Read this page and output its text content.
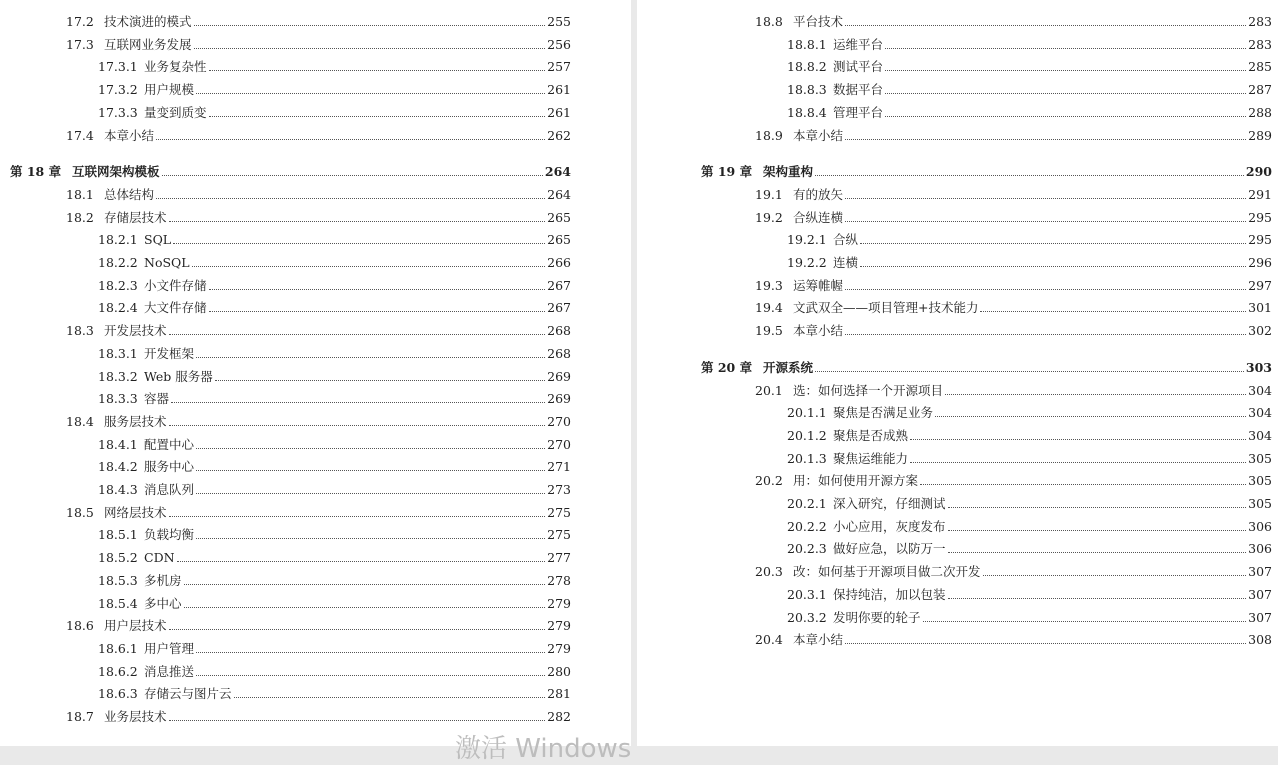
17.2 技术演进的模式	255
17.3 互联网业务发展	256
17.3.1 业务复杂性	257
17.3.2 用户规模	261
17.3.3 量变到质变	261
17.4 本章小结	262
第 18 章 互联网架构模板	264
18.1 总体结构	264
18.2 存储层技术	265
18.2.1 SQL	265
18.2.2 NoSQL	266
18.2.3 小文件存储	267
18.2.4 大文件存储	267
18.3 开发层技术	268
18.3.1 开发框架	268
18.3.2 Web 服务器	269
18.3.3 容器	269
18.4 服务层技术	270
18.4.1 配置中心	270
18.4.2 服务中心	271
18.4.3 消息队列	273
18.5 网络层技术	275
18.5.1 负载均衡	275
18.5.2 CDN	277
18.5.3 多机房	278
18.5.4 多中心	279
18.6 用户层技术	279
18.6.1 用户管理	279
18.6.2 消息推送	280
18.6.3 存储云与图片云	281
18.7 业务层技术	282
18.8 平台技术	283
18.8.1 运维平台	283
18.8.2 测试平台	285
18.8.3 数据平台	287
18.8.4 管理平台	288
18.9 本章小结	289
第 19 章 架构重构	290
19.1 有的放矢	291
19.2 合纵连横	295
19.2.1 合纵	295
19.2.2 连横	296
19.3 运筹帷幄	297
19.4 文武双全——项目管理+技术能力	301
19.5 本章小结	302
第 20 章 开源系统	303
20.1 选：如何选择一个开源项目	304
20.1.1 聚焦是否满足业务	304
20.1.2 聚焦是否成熟	304
20.1.3 聚焦运维能力	305
20.2 用：如何使用开源方案	305
20.2.1 深入研究，仔细测试	305
20.2.2 小心应用，灰度发布	306
20.2.3 做好应急，以防万一	306
20.3 改：如何基于开源项目做二次开发	307
20.3.1 保持纯洁，加以包装	307
20.3.2 发明你要的轮子	307
20.4 本章小结	308
激活 Windows
